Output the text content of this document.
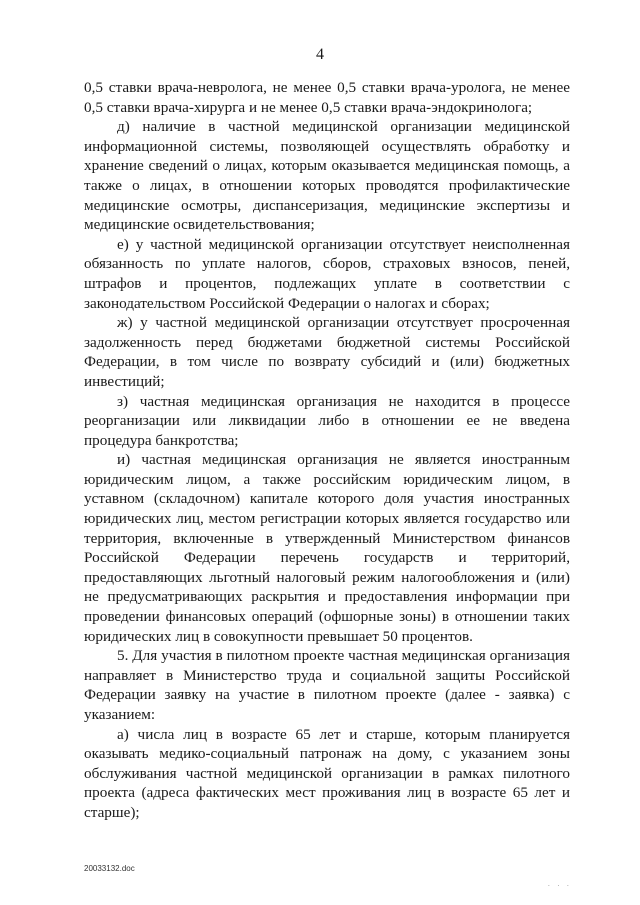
4

0,5 ставки врача-невролога, не менее 0,5 ставки врача-уролога, не менее 0,5 ставки врача-хирурга и не менее 0,5 ставки врача-эндокринолога;

д) наличие в частной медицинской организации медицинской информационной системы, позволяющей осуществлять обработку и хранение сведений о лицах, которым оказывается медицинская помощь, а также о лицах, в отношении которых проводятся профилактические медицинские осмотры, диспансеризация, медицинские экспертизы и медицинские освидетельствования;

е) у частной медицинской организации отсутствует неисполненная обязанность по уплате налогов, сборов, страховых взносов, пеней, штрафов и процентов, подлежащих уплате в соответствии с законодательством Российской Федерации о налогах и сборах;

ж) у частной медицинской организации отсутствует просроченная задолженность перед бюджетами бюджетной системы Российской Федерации, в том числе по возврату субсидий и (или) бюджетных инвестиций;

з) частная медицинская организация не находится в процессе реорганизации или ликвидации либо в отношении ее не введена процедура банкротства;

и) частная медицинская организация не является иностранным юридическим лицом, а также российским юридическим лицом, в уставном (складочном) капитале которого доля участия иностранных юридических лиц, местом регистрации которых является государство или территория, включенные в утвержденный Министерством финансов Российской Федерации перечень государств и территорий, предоставляющих льготный налоговый режим налогообложения и (или) не предусматривающих раскрытия и предоставления информации при проведении финансовых операций (офшорные зоны) в отношении таких юридических лиц в совокупности превышает 50 процентов.

5. Для участия в пилотном проекте частная медицинская организация направляет в Министерство труда и социальной защиты Российской Федерации заявку на участие в пилотном проекте (далее - заявка) с указанием:

а) числа лиц в возрасте 65 лет и старше, которым планируется оказывать медико-социальный патронаж на дому, с указанием зоны обслуживания частной медицинской организации в рамках пилотного проекта (адреса фактических мест проживания лиц в возрасте 65 лет и старше);

20033132.doc
. . .
